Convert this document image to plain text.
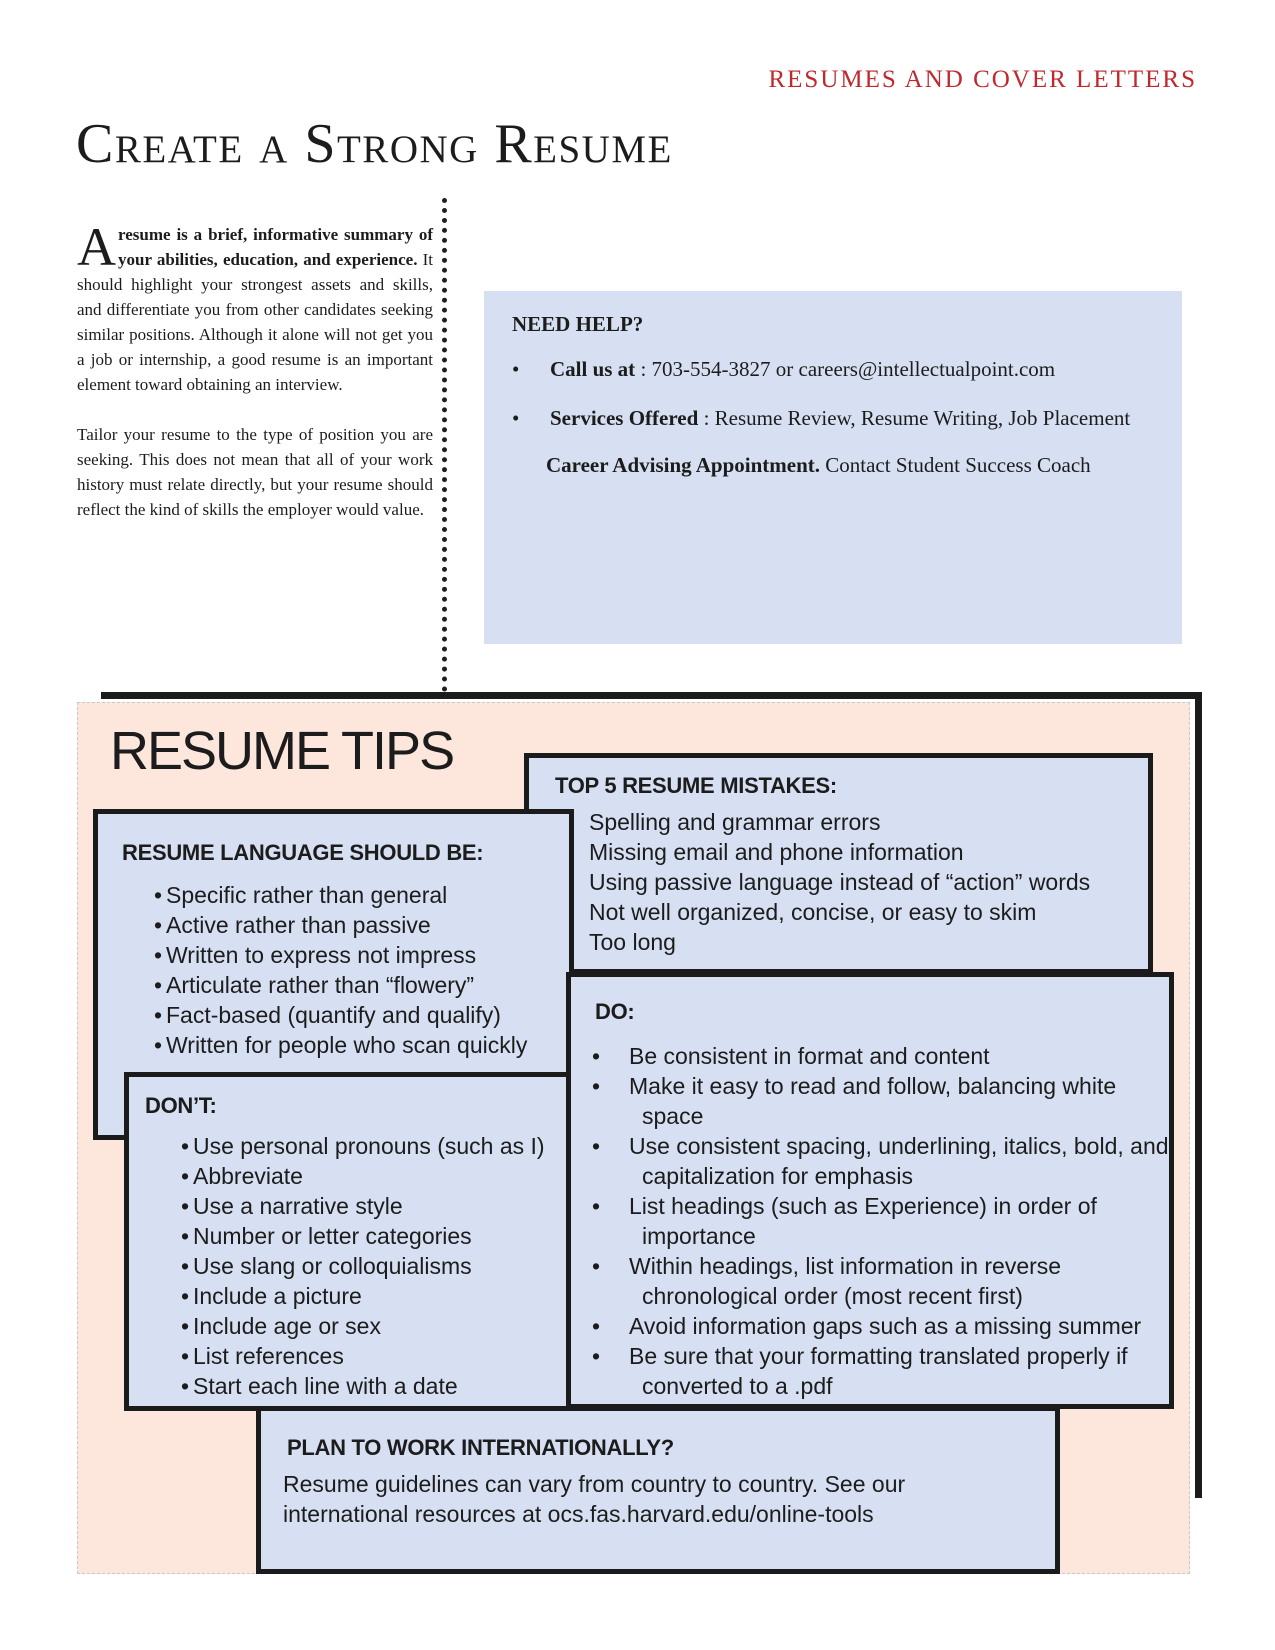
RESUMES AND COVER LETTERS
Create a Strong Resume

A resume is a brief, informative summary of your abilities, education, and experience. It should highlight your strongest assets and skills, and differentiate you from other candidates seeking similar positions. Although it alone will not get you a job or internship, a good resume is an important element toward obtaining an interview.

Tailor your resume to the type of position you are seeking. This does not mean that all of your work history must relate directly, but your resume should reflect the kind of skills the employer would value.

NEED HELP?
• Call us at : 703-554-3827 or careers@intellectualpoint.com
• Services Offered : Resume Review, Resume Writing, Job Placement
Career Advising Appointment. Contact Student Success Coach
RESUME TIPS
TOP 5 RESUME MISTAKES:
Spelling and grammar errors
Missing email and phone information
Using passive language instead of “action” words
Not well organized, concise, or easy to skim
Too long
RESUME LANGUAGE SHOULD BE:
• Specific rather than general
• Active rather than passive
• Written to express not impress
• Articulate rather than “flowery”
• Fact-based (quantify and qualify)
• Written for people who scan quickly
DON’T:
• Use personal pronouns (such as I)
• Abbreviate
• Use a narrative style
• Number or letter categories
• Use slang or colloquialisms
• Include a picture
• Include age or sex
• List references
• Start each line with a date
DO:
• Be consistent in format and content
• Make it easy to read and follow, balancing white space
• Use consistent spacing, underlining, italics, bold, and capitalization for emphasis
• List headings (such as Experience) in order of importance
• Within headings, list information in reverse chronological order (most recent first)
• Avoid information gaps such as a missing summer
• Be sure that your formatting translated properly if converted to a .pdf
PLAN TO WORK INTERNATIONALLY?

Resume guidelines can vary from country to country. See our international resources at ocs.fas.harvard.edu/online-tools
